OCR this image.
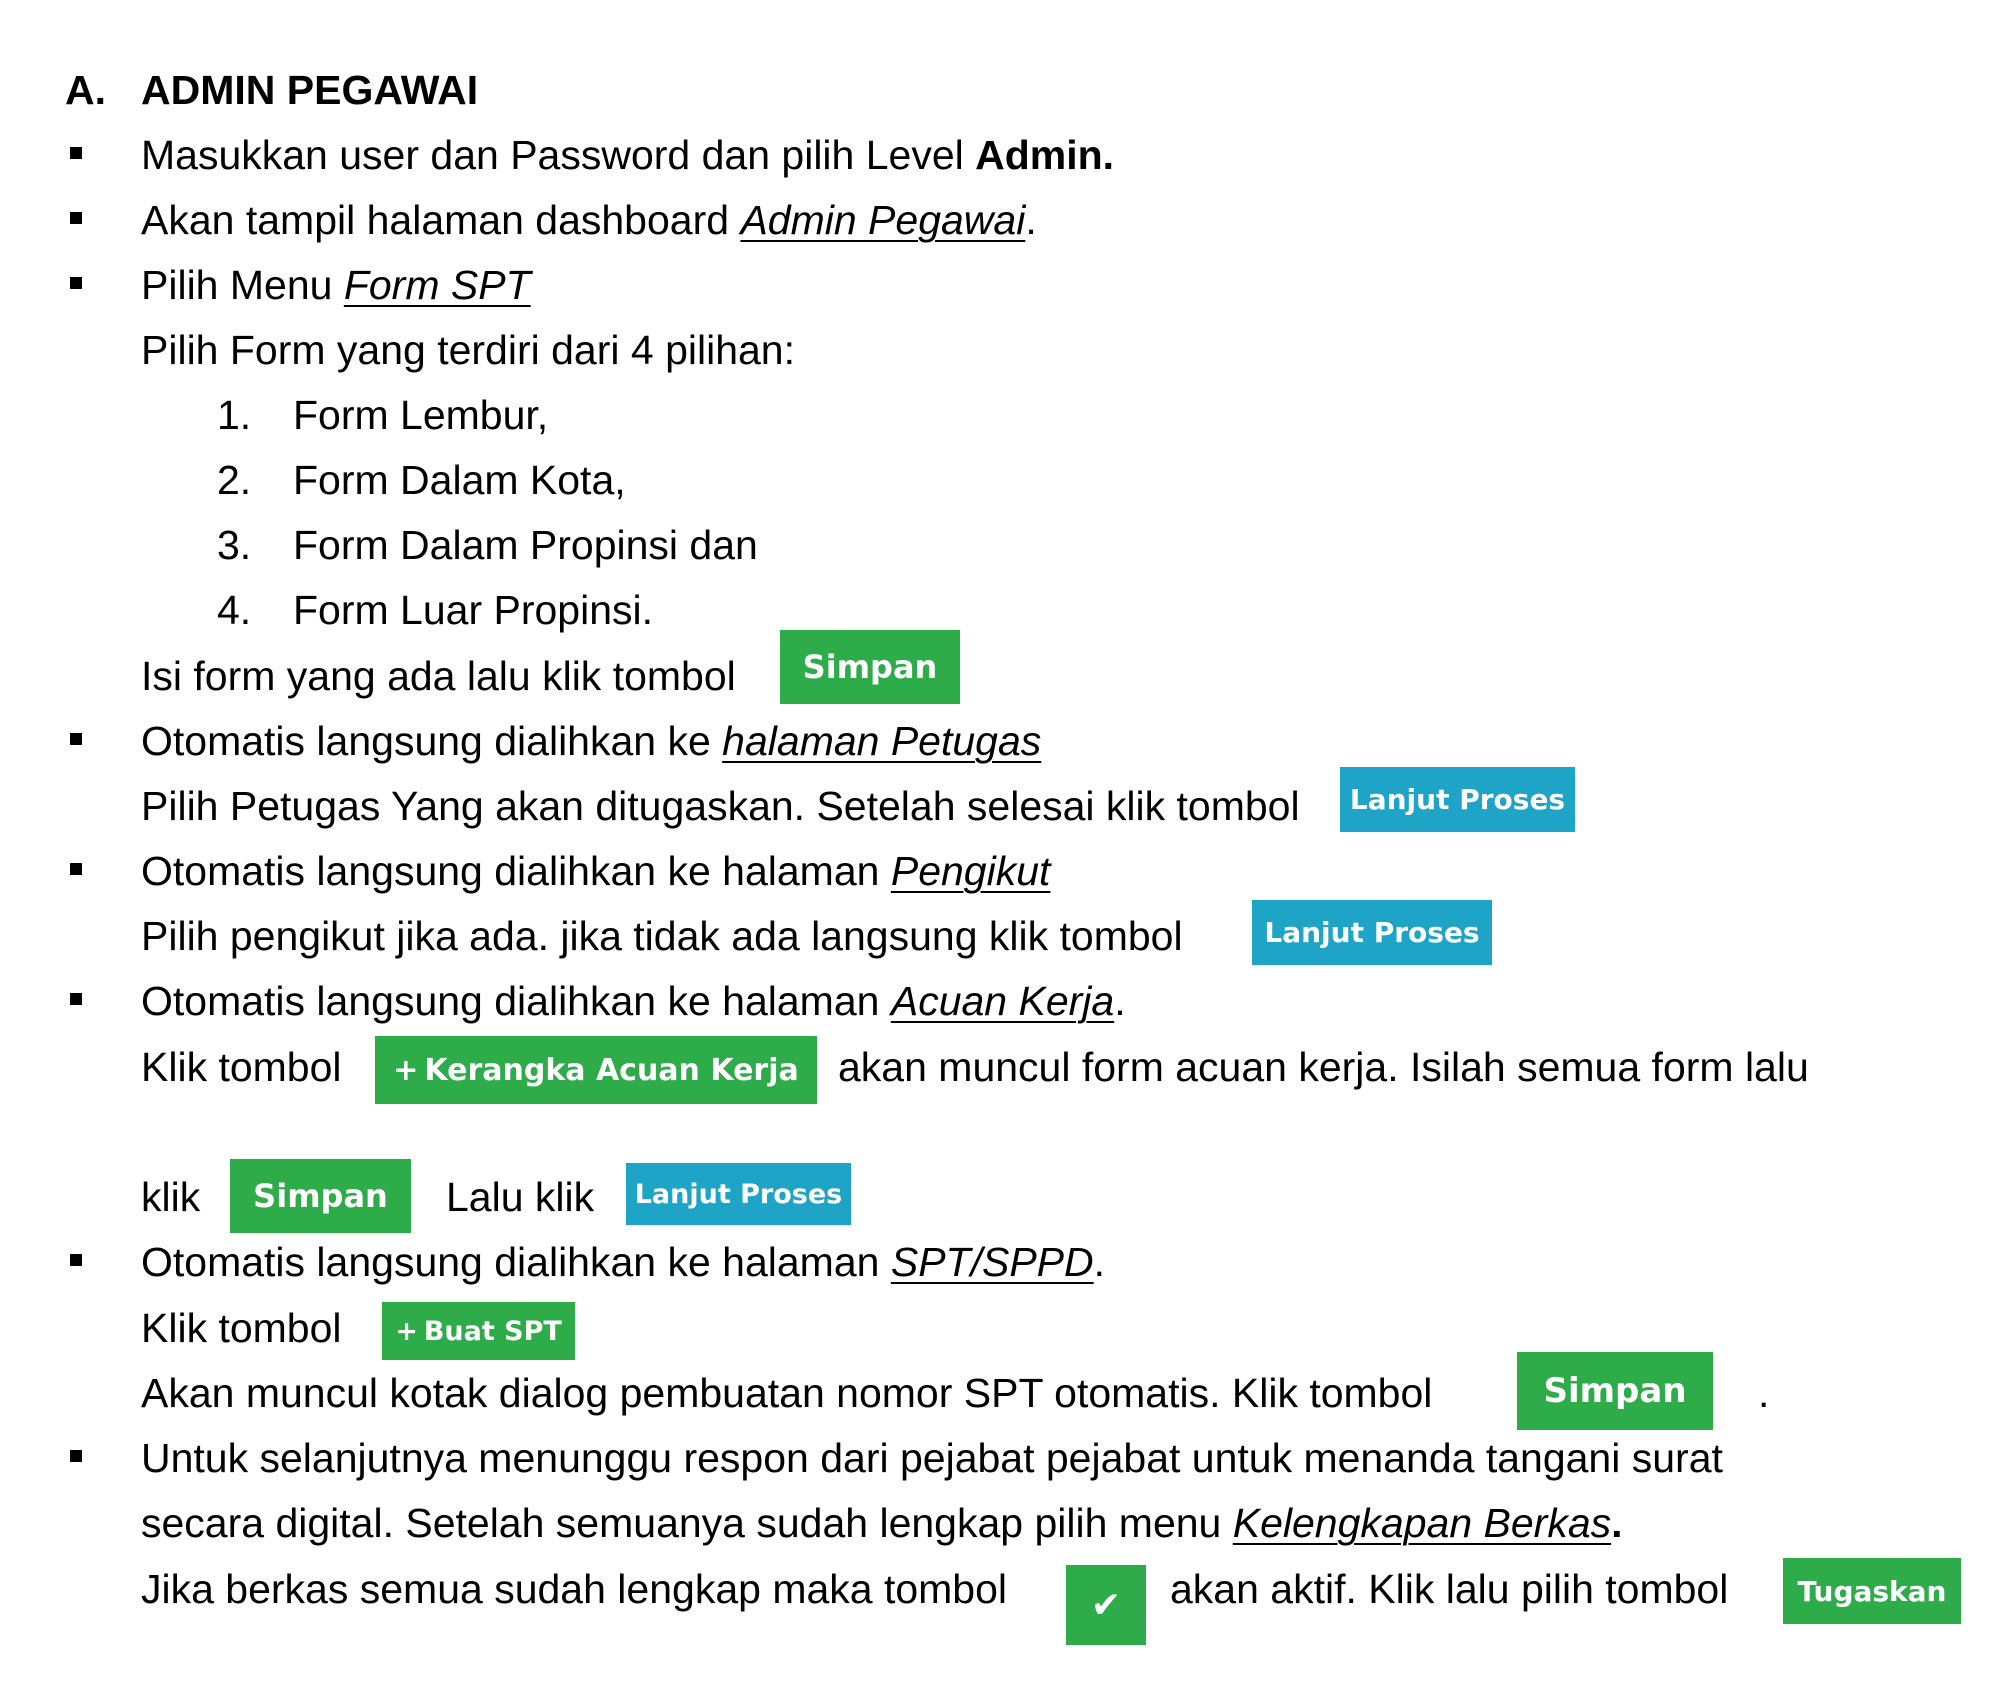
A. ADMIN PEGAWAI
Masukkan user dan Password dan pilih Level Admin.
Akan tampil halaman dashboard Admin Pegawai.
Pilih Menu Form SPT
Pilih Form yang terdiri dari 4 pilihan:
1. Form Lembur,
2. Form Dalam Kota,
3. Form Dalam Propinsi dan
4. Form Luar Propinsi.
Isi form yang ada lalu klik tombol	Simpan
Otomatis langsung dialihkan ke halaman Petugas
Pilih Petugas Yang akan ditugaskan. Setelah selesai klik tombol	Lanjut Proses
Otomatis langsung dialihkan ke halaman Pengikut
Pilih pengikut jika ada. jika tidak ada langsung klik tombol	Lanjut Proses
Otomatis langsung dialihkan ke halaman Acuan Kerja.
Klik tombol	akan muncul form acuan kerja. Isilah semua form lalu
+ Kerangka Acuan Kerja
klik	Lalu klik
Simpan	Lanjut Proses
Otomatis langsung dialihkan ke halaman SPT/SPPD.
Klik tombol + Buat SPT
Akan muncul kotak dialog pembuatan nomor SPT otomatis. Klik tombol	.
Simpan
Untuk selanjutnya menunggu respon dari pejabat pejabat untuk menanda tangani surat
secara digital. Setelah semuanya sudah lengkap pilih menu Kelengkapan Berkas.
Jika berkas semua sudah lengkap maka tombol	akan aktif. Klik lalu pilih tombol
✔	Tugaskan
